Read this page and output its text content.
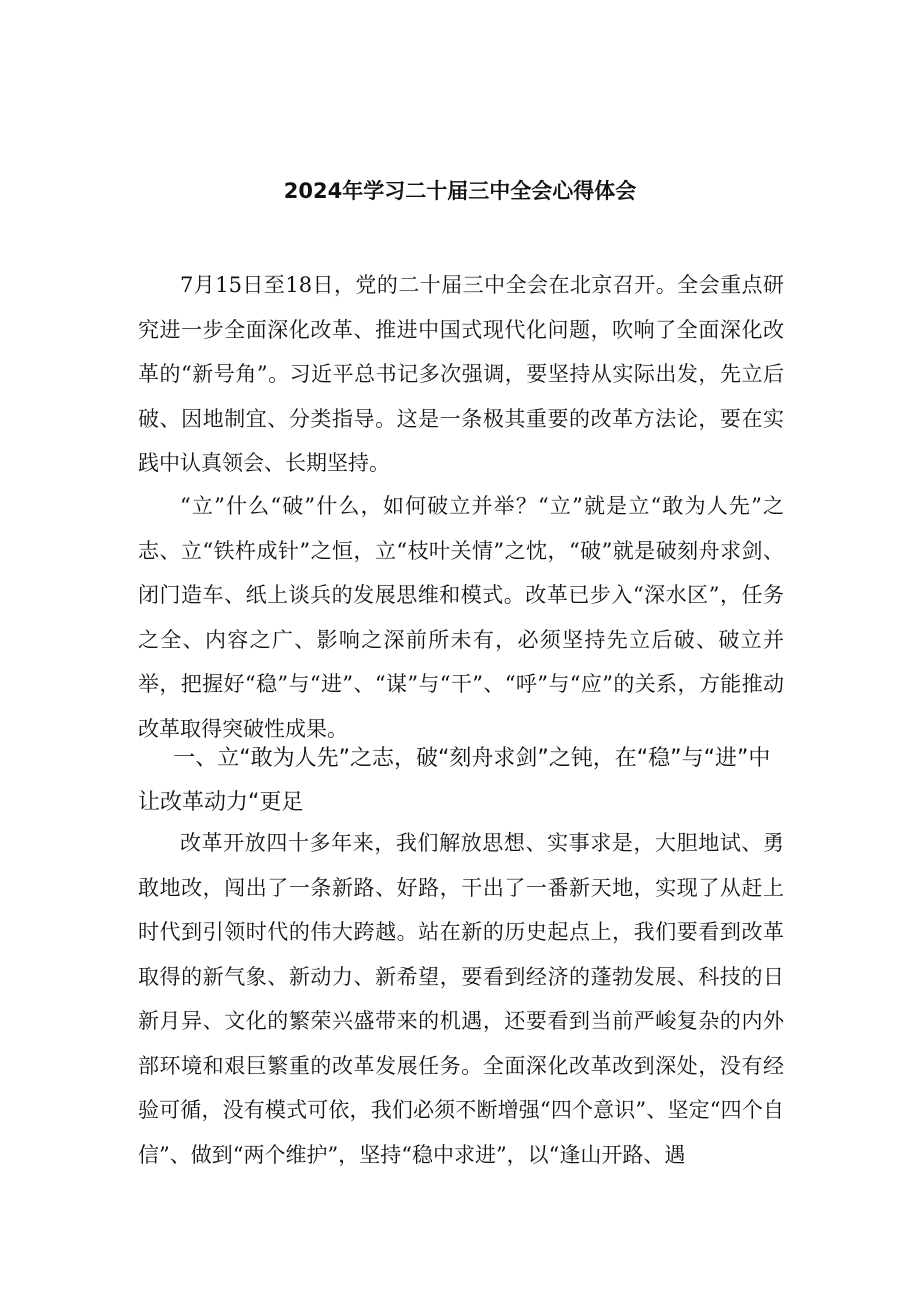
2024年学习二十届三中全会心得体会

7月15日至18日，党的二十届三中全会在北京召开。全会重点研究进一步全面深化改革、推进中国式现代化问题，吹响了全面深化改革的“新号角”。习近平总书记多次强调，要坚持从实际出发，先立后破、因地制宜、分类指导。这是一条极其重要的改革方法论，要在实践中认真领会、长期坚持。

“立”什么“破”什么，如何破立并举？“立”就是立“敢为人先”之志、立“铁杵成针”之恒，立“枝叶关情”之忱，“破”就是破刻舟求剑、闭门造车、纸上谈兵的发展思维和模式。改革已步入“深水区”，任务之全、内容之广、影响之深前所未有，必须坚持先立后破、破立并举，把握好“稳”与“进”、“谋”与“干”、“呼”与“应”的关系，方能推动改革取得突破性成果。

一、立“敢为人先”之志，破“刻舟求剑”之钝，在“稳”与“进”中让改革动力“更足

改革开放四十多年来，我们解放思想、实事求是，大胆地试、勇敢地改，闯出了一条新路、好路，干出了一番新天地，实现了从赶上时代到引领时代的伟大跨越。站在新的历史起点上，我们要看到改革取得的新气象、新动力、新希望，要看到经济的蓬勃发展、科技的日新月异、文化的繁荣兴盛带来的机遇，还要看到当前严峻复杂的内外部环境和艰巨繁重的改革发展任务。全面深化改革改到深处，没有经验可循，没有模式可依，我们必须不断增强“四个意识”、坚定“四个自信”、做到“两个维护”，坚持“稳中求进”，以“逢山开路、遇
